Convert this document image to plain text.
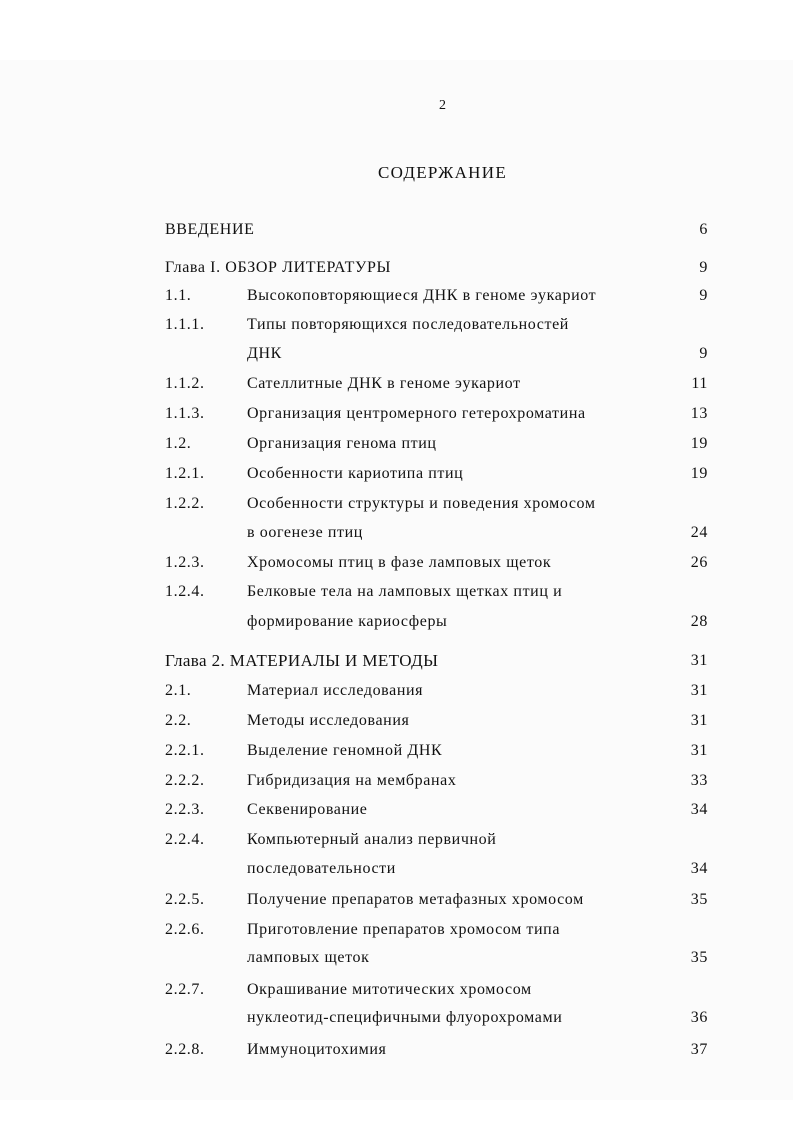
2
СОДЕРЖАНИЕ
ВВЕДЕНИЕ	6
Глава I. ОБЗОР ЛИТЕРАТУРЫ	9
1.1.	Высокоповторяющиеся ДНК в геноме эукариот	9
1.1.1.	Типы повторяющихся последовательностей
ДНК	9
1.1.2.	Сателлитные ДНК в геноме эукариот	11
1.1.3.	Организация центромерного гетерохроматина	13
1.2.	Организация генома птиц	19
1.2.1.	Особенности кариотипа птиц	19
1.2.2.	Особенности структуры и поведения хромосом
в оогенезе птиц	24
1.2.3.	Хромосомы птиц в фазе ламповых щеток	26
1.2.4.	Белковые тела на ламповых щетках птиц и
формирование кариосферы	28
Глава 2. МАТЕРИАЛЫ И МЕТОДЫ	31
2.1.	Материал исследования	31
2.2.	Методы исследования	31
2.2.1.	Выделение геномной ДНК	31
2.2.2.	Гибридизация на мембранах	33
2.2.3.	Секвенирование	34
2.2.4.	Компьютерный анализ первичной
последовательности	34
2.2.5.	Получение препаратов метафазных хромосом	35
2.2.6.	Приготовление препаратов хромосом типа
ламповых щеток	35
2.2.7.	Окрашивание митотических хромосом
нуклеотид-специфичными флуорохромами	36
2.2.8.	Иммуноцитохимия	37
